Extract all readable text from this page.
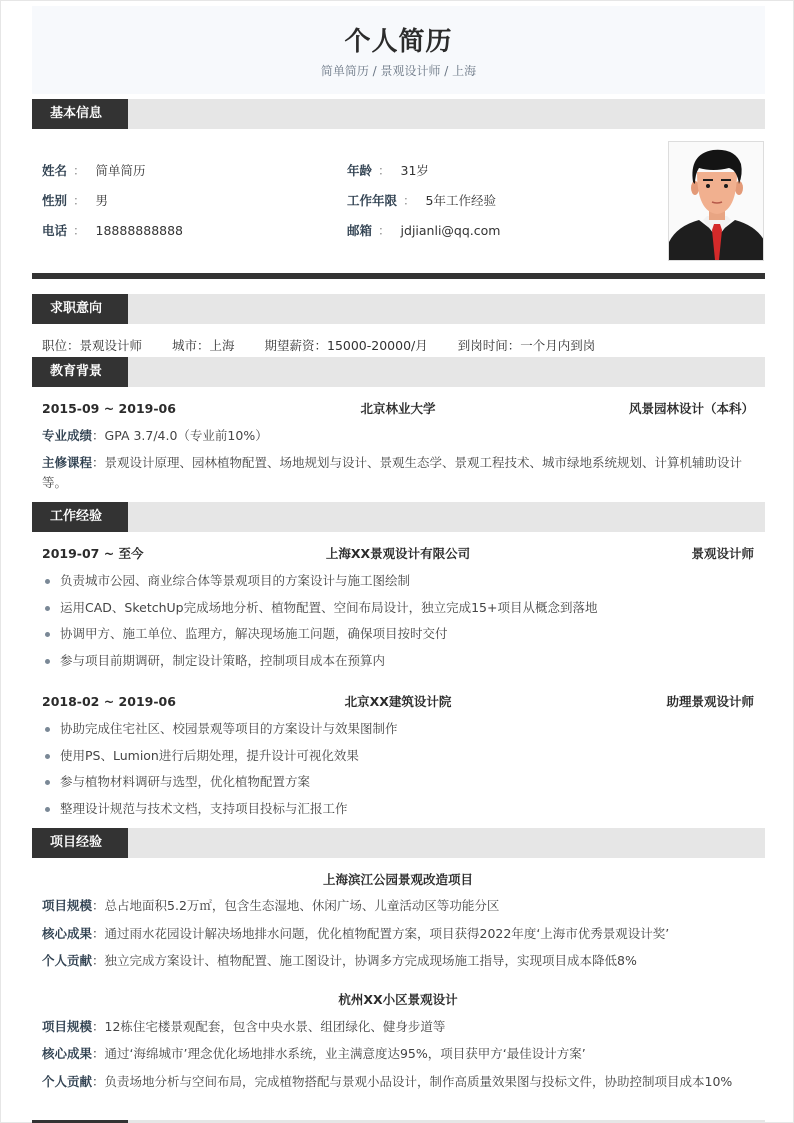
个人简历
简单简历 / 景观设计师 / 上海
基本信息
姓名 ： 简单简历
性别 ： 男
电话 ： 18888888888
年龄 ： 31岁
工作年限 ： 5年工作经验
邮箱 ： jdjianli@qq.com
求职意向
职位：景观设计师 城市：上海 期望薪资：15000-20000/月 到岗时间：一个月内到岗
教育背景
2015-09 ~ 2019-06	北京林业大学	风景园林设计（本科）
专业成绩：GPA 3.7/4.0（专业前10%）
主修课程：景观设计原理、园林植物配置、场地规划与设计、景观生态学、景观工程技术、城市绿地系统规划、计算机辅助设计等。
工作经验
2019-07 ~ 至今	上海XX景观设计有限公司	景观设计师
负责城市公园、商业综合体等景观项目的方案设计与施工图绘制
运用CAD、SketchUp完成场地分析、植物配置、空间布局设计，独立完成15+项目从概念到落地
协调甲方、施工单位、监理方，解决现场施工问题，确保项目按时交付
参与项目前期调研，制定设计策略，控制项目成本在预算内
2018-02 ~ 2019-06	北京XX建筑设计院	助理景观设计师
协助完成住宅社区、校园景观等项目的方案设计与效果图制作
使用PS、Lumion进行后期处理，提升设计可视化效果
参与植物材料调研与选型，优化植物配置方案
整理设计规范与技术文档，支持项目投标与汇报工作
项目经验
上海滨江公园景观改造项目
项目规模：总占地面积5.2万㎡，包含生态湿地、休闲广场、儿童活动区等功能分区
核心成果：通过雨水花园设计解决场地排水问题，优化植物配置方案，项目获得2022年度‘上海市优秀景观设计奖’
个人贡献：独立完成方案设计、植物配置、施工图设计，协调多方完成现场施工指导，实现项目成本降低8%
杭州XX小区景观设计
项目规模：12栋住宅楼景观配套，包含中央水景、组团绿化、健身步道等
核心成果：通过‘海绵城市’理念优化场地排水系统，业主满意度达95%，项目获甲方‘最佳设计方案’
个人贡献：负责场地分析与空间布局，完成植物搭配与景观小品设计，制作高质量效果图与投标文件，协助控制项目成本10%
